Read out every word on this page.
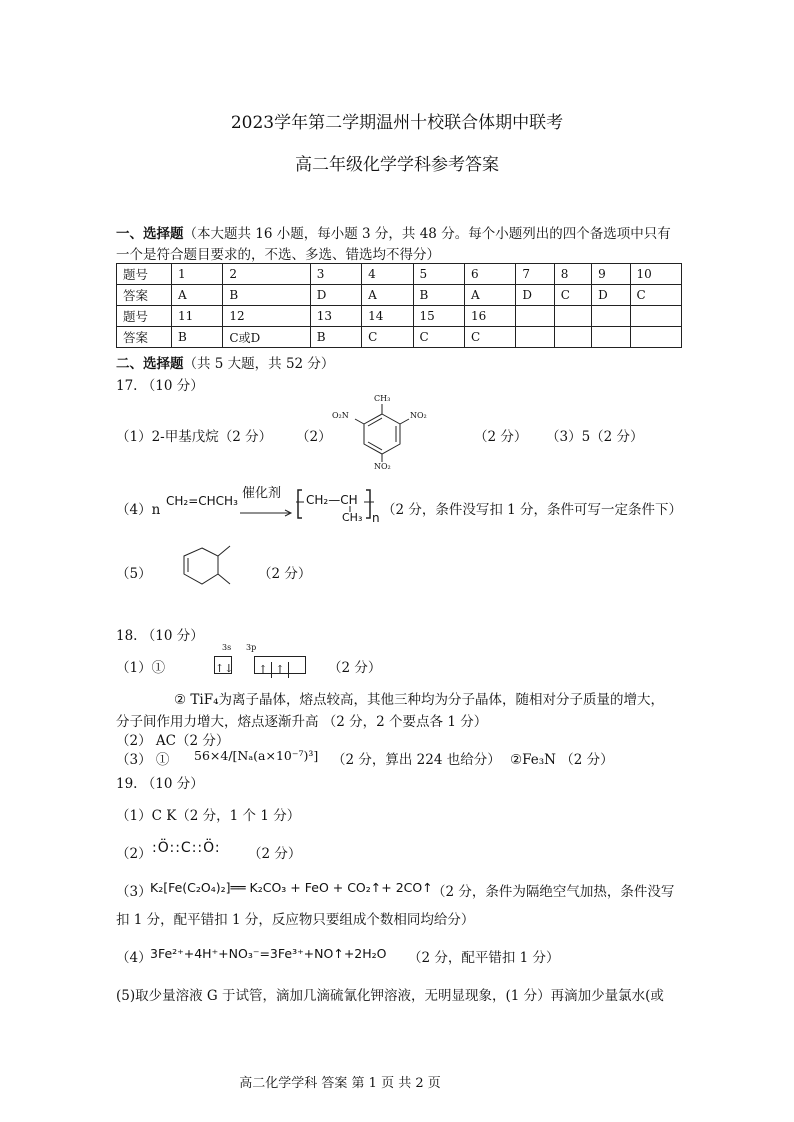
2023学年第二学期温州十校联合体期中联考
高二年级化学学科参考答案
一、选择题（本大题共 16 小题，每小题 3 分，共 48 分。每个小题列出的四个备选项中只有
一个是符合题目要求的，不选、多选、错选均不得分）
题号	1	2	3	4	5	6	7	8	9	10
答案	A	B	D	A	B	A	D	C	D	C
题号	11	12	13	14	15	16				
答案	B	C或D	B	C	C	C				
二、选择题（共 5 大题，共 52 分）
17. （10 分）
（1）2-甲基戊烷（2 分） （2）
CH₃
O₂N	NO₂
NO₂
（2 分） （3）5（2 分）
（4）n
CH₂=CHCH₃ 催化剂 → CH₂—CH
CH₃ n （2 分，条件没写扣 1 分，条件可写一定条件下）
（5）	（2 分）
18. （10 分）
（1）①
3s 3p
↑↓	↑ ↑	（2 分）
② TiF₄为离子晶体，熔点较高，其他三种均为分子晶体，随相对分子质量的增大，
分子间作用力增大，熔点逐渐升高 （2 分，2 个要点各 1 分）
（2） AC（2 分）
（3） ① 56×4/[Nₐ(a×10⁻⁷)³] （2 分，算出 224 也给分） ②Fe₃N （2 分）
19. （10 分）
（1）C K（2 分，1 个 1 分）
（2） :Ö::C::Ö: （2 分）
（3）
K₂[Fe(C₂O₄)₂]══ K₂CO₃ + FeO + CO₂↑+ 2CO↑ （2 分，条件为隔绝空气加热，条件没写
扣 1 分，配平错扣 1 分，反应物只要组成个数相同均给分）
（4）
3Fe²⁺+4H⁺+NO₃⁻=3Fe³⁺+NO↑+2H₂O （2 分，配平错扣 1 分）
(5)取少量溶液 G 于试管，滴加几滴硫氰化钾溶液，无明显现象，(1 分）再滴加少量氯水(或
高二化学学科 答案 第 1 页 共 2 页
